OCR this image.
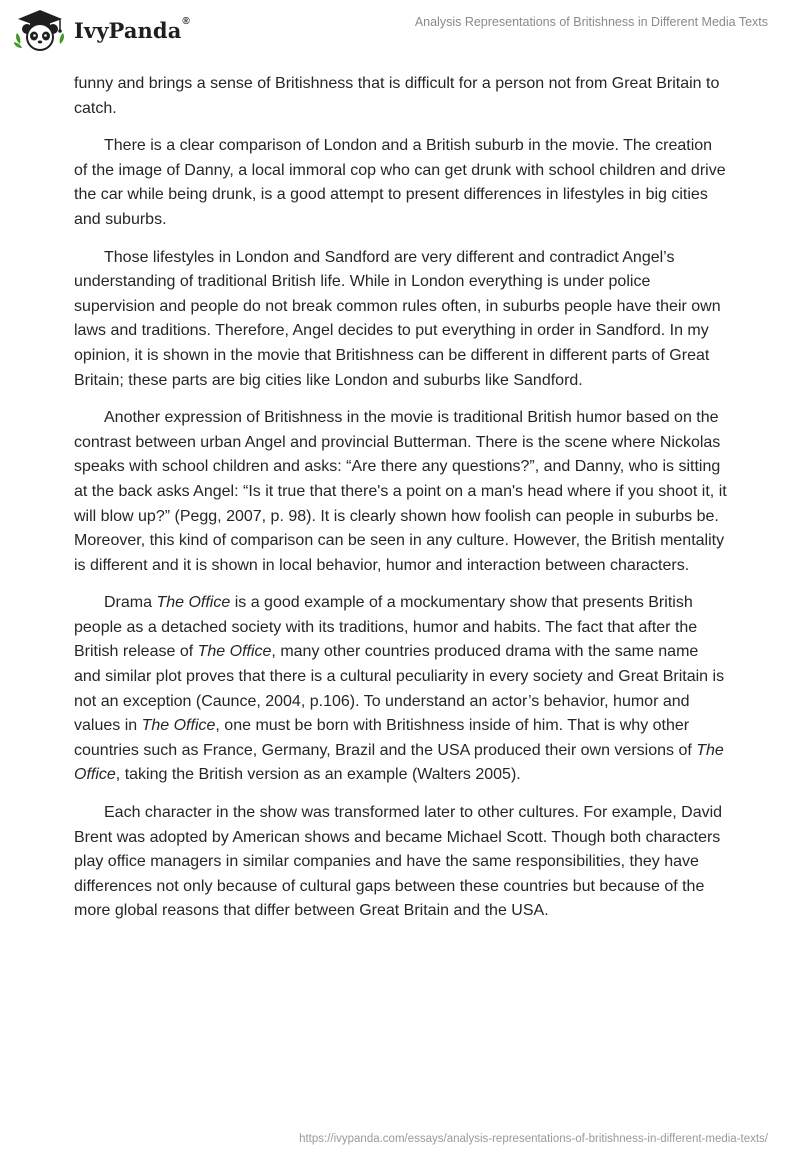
IvyPanda®	Analysis Representations of Britishness in Different Media Texts

funny and brings a sense of Britishness that is difficult for a person not from Great Britain to catch.

There is a clear comparison of London and a British suburb in the movie. The creation of the image of Danny, a local immoral cop who can get drunk with school children and drive the car while being drunk, is a good attempt to present differences in lifestyles in big cities and suburbs.

Those lifestyles in London and Sandford are very different and contradict Angel’s understanding of traditional British life. While in London everything is under police supervision and people do not break common rules often, in suburbs people have their own laws and traditions. Therefore, Angel decides to put everything in order in Sandford. In my opinion, it is shown in the movie that Britishness can be different in different parts of Great Britain; these parts are big cities like London and suburbs like Sandford.

Another expression of Britishness in the movie is traditional British humor based on the contrast between urban Angel and provincial Butterman. There is the scene where Nickolas speaks with school children and asks: “Are there any questions?”, and Danny, who is sitting at the back asks Angel: “Is it true that there's a point on a man's head where if you shoot it, it will blow up?” (Pegg, 2007, p. 98). It is clearly shown how foolish can people in suburbs be. Moreover, this kind of comparison can be seen in any culture. However, the British mentality is different and it is shown in local behavior, humor and interaction between characters.

Drama The Office is a good example of a mockumentary show that presents British people as a detached society with its traditions, humor and habits. The fact that after the British release of The Office, many other countries produced drama with the same name and similar plot proves that there is a cultural peculiarity in every society and Great Britain is not an exception (Caunce, 2004, p.106). To understand an actor’s behavior, humor and values in The Office, one must be born with Britishness inside of him. That is why other countries such as France, Germany, Brazil and the USA produced their own versions of The Office, taking the British version as an example (Walters 2005).

Each character in the show was transformed later to other cultures. For example, David Brent was adopted by American shows and became Michael Scott. Though both characters play office managers in similar companies and have the same responsibilities, they have differences not only because of cultural gaps between these countries but because of the more global reasons that differ between Great Britain and the USA.

https://ivypanda.com/essays/analysis-representations-of-britishness-in-different-media-texts/
